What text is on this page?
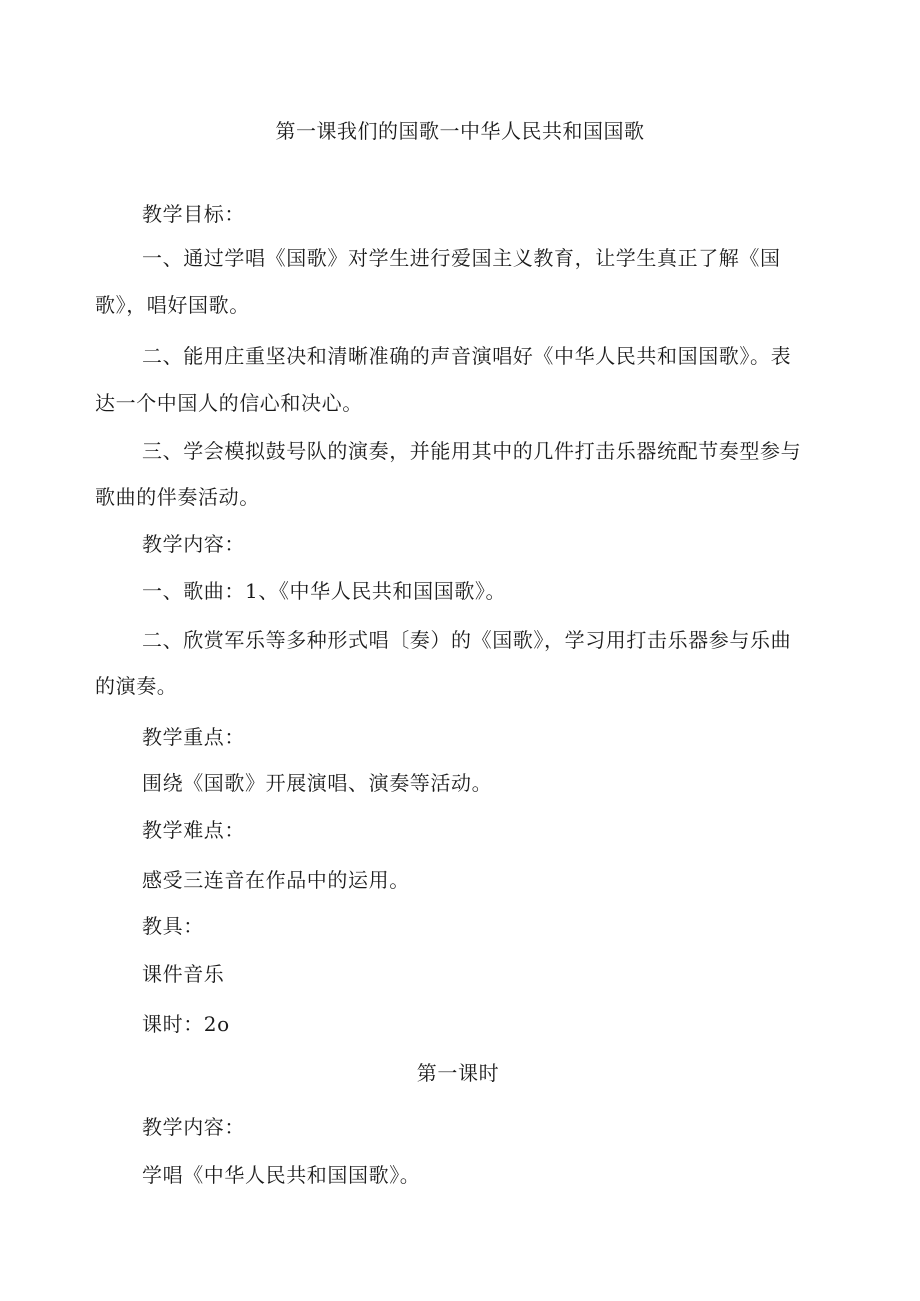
第一课我们的国歌一中华人民共和国国歌
教学目标：
一、通过学唱《国歌》对学生进行爱国主义教育，让学生真正了解《国
歌》，唱好国歌。
二、能用庄重坚决和清晰准确的声音演唱好《中华人民共和国国歌》。表
达一个中国人的信心和决心。
三、学会模拟鼓号队的演奏，并能用其中的几件打击乐器统配节奏型参与
歌曲的伴奏活动。
教学内容：
一、歌曲：1、《中华人民共和国国歌》。
二、欣赏军乐等多种形式唱〔奏）的《国歌》，学习用打击乐器参与乐曲
的演奏。
教学重点：
围绕《国歌》开展演唱、演奏等活动。
教学难点：
感受三连音在作品中的运用。
教具：
课件音乐
课时：2o
第一课时
教学内容：
学唱《中华人民共和国国歌》。
